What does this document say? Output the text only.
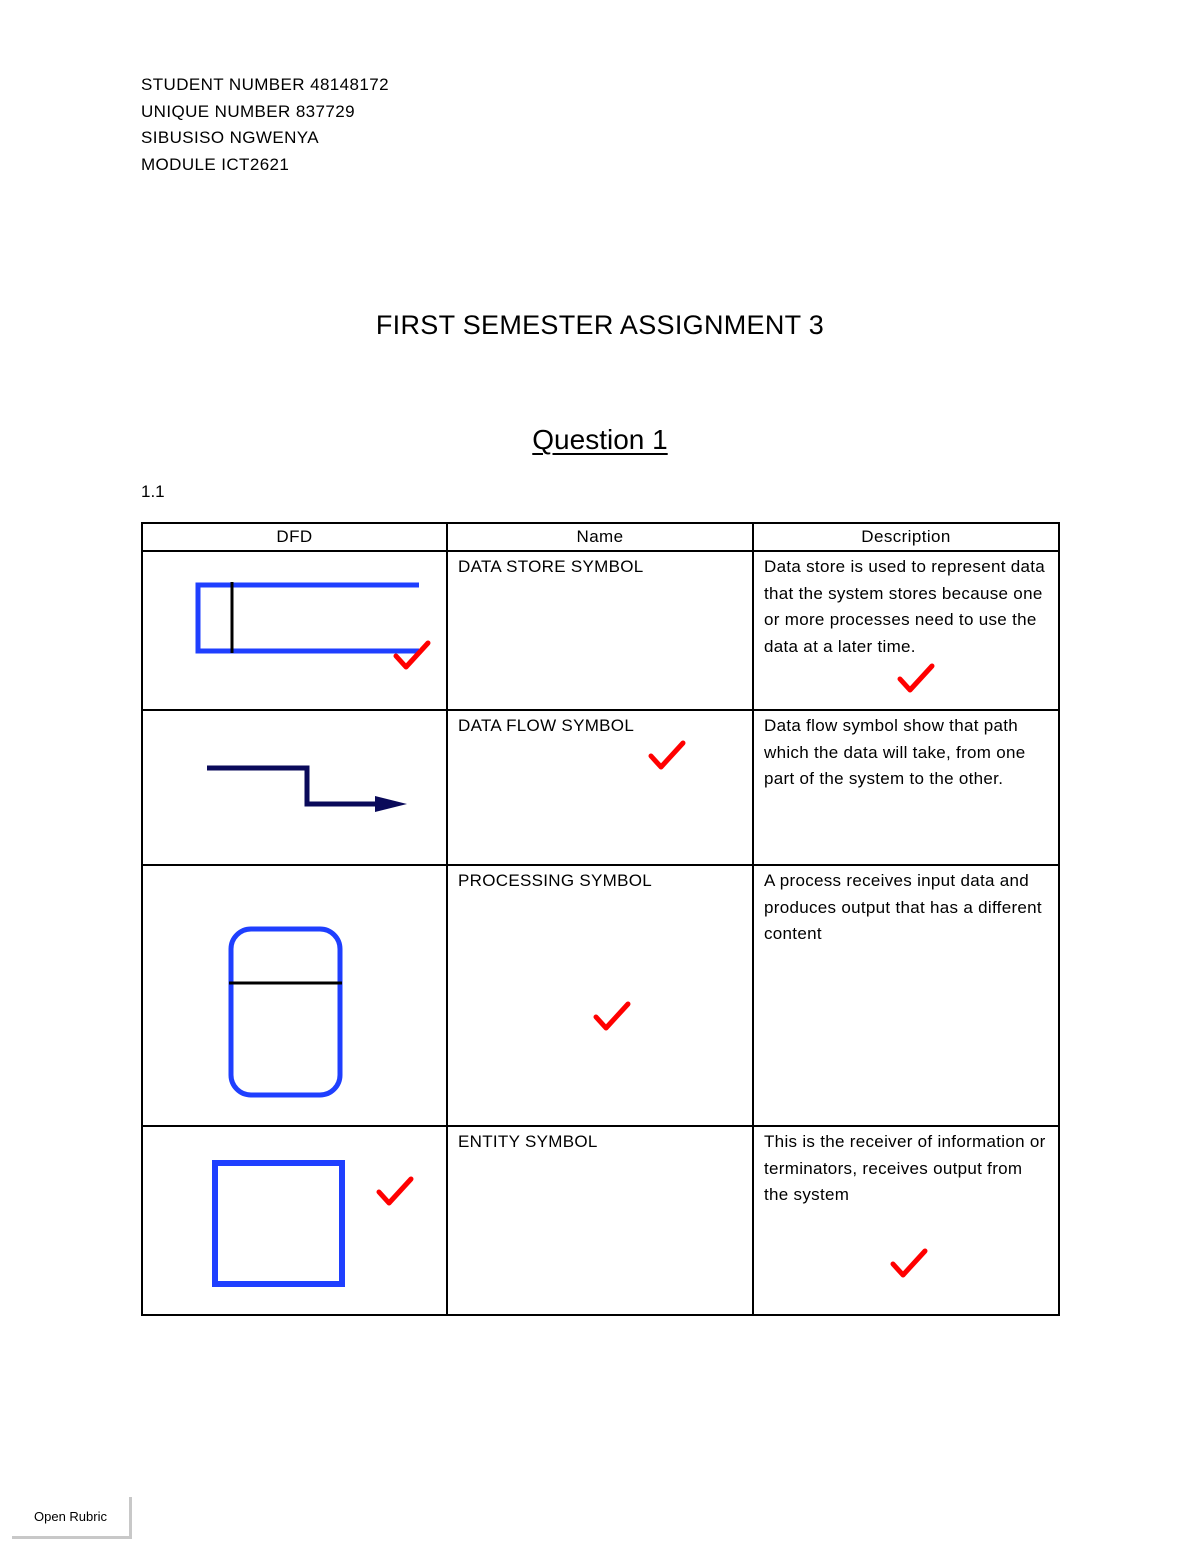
STUDENT NUMBER 48148172
UNIQUE NUMBER 837729
SIBUSISO NGWENYA
MODULE ICT2621
FIRST SEMESTER ASSIGNMENT 3
Question 1
1.1
DFD	Name	Description

DATA STORE SYMBOL	Data store is used to represent data that the system stores because one or more processes need to use the data at a later time.

DATA FLOW SYMBOL	Data flow symbol show that path which the data will take, from one part of the system to the other.

PROCESSING SYMBOL	A process receives input data and produces output that has a different content

ENTITY SYMBOL	This is the receiver of information or terminators, receives output from the system
Open Rubric
